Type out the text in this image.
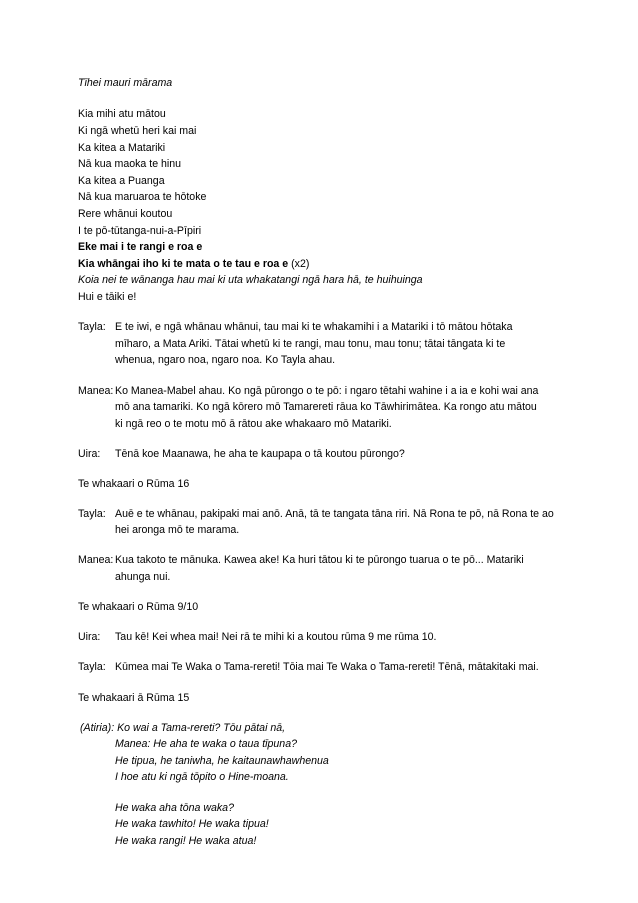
Tīhei mauri mārama
Kia mihi atu mātou
Ki ngā whetū heri kai mai
Ka kitea a Matariki
Nā kua maoka te hinu
Ka kitea a Puanga
Nā kua maruaroa te hōtoke
Rere whānui koutou
I te pō-tūtanga-nui-a-Pīpiri
Eke mai i te rangi e roa e
Kia whāngai iho ki te mata o te tau e roa e (x2)
Koia nei te wānanga hau mai ki uta whakatangi ngā hara hā, te huihuinga
Hui e tāiki e!
Tayla: E te iwi, e ngā whānau whānui, tau mai ki te whakamihi i a Matariki i tō mātou hōtaka
mīharo, a Mata Ariki. Tātai whetū ki te rangi, mau tonu, mau tonu; tātai tāngata ki te
whenua, ngaro noa, ngaro noa. Ko Tayla ahau.
Manea: Ko Manea-Mabel ahau. Ko ngā pūrongo o te pō: i ngaro tētahi wahine i a ia e kohi wai ana
mō ana tamariki. Ko ngā kōrero mō Tamarereti rāua ko Tāwhirimātea. Ka rongo atu mātou
ki ngā reo o te motu mō ā rātou ake whakaaro mō Matariki.
Uira:	Tēnā koe Maanawa, he aha te kaupapa o tā koutou pūrongo?
Te whakaari o Rūma 16
Tayla: Auē e te whānau, pakipaki mai anō. Anā, tā te tangata tāna riri. Nā Rona te pō, nā Rona te ao
hei aronga mō te marama.
Manea: Kua takoto te mānuka. Kawea ake! Ka huri tātou ki te pūrongo tuarua o te pō... Matariki
ahunga nui.
Te whakaari o Rūma 9/10
Uira:	Tau kē! Kei whea mai! Nei rā te mihi ki a koutou rūma 9 me rūma 10.
Tayla: Kūmea mai Te Waka o Tama-rereti! Tōia mai Te Waka o Tama-rereti! Tēnā, mātakitaki mai.
Te whakaari ā Rūma 15
(Atiria): Ko wai a Tama-rereti? Tōu pātai nā,
Manea: He aha te waka o taua tīpuna?
He tipua, he taniwha, he kaitaunawhawhenua
I hoe atu ki ngā tōpito o Hine-moana.
He waka aha tōna waka?
He waka tawhito! He waka tipua!
He waka rangi! He waka atua!
